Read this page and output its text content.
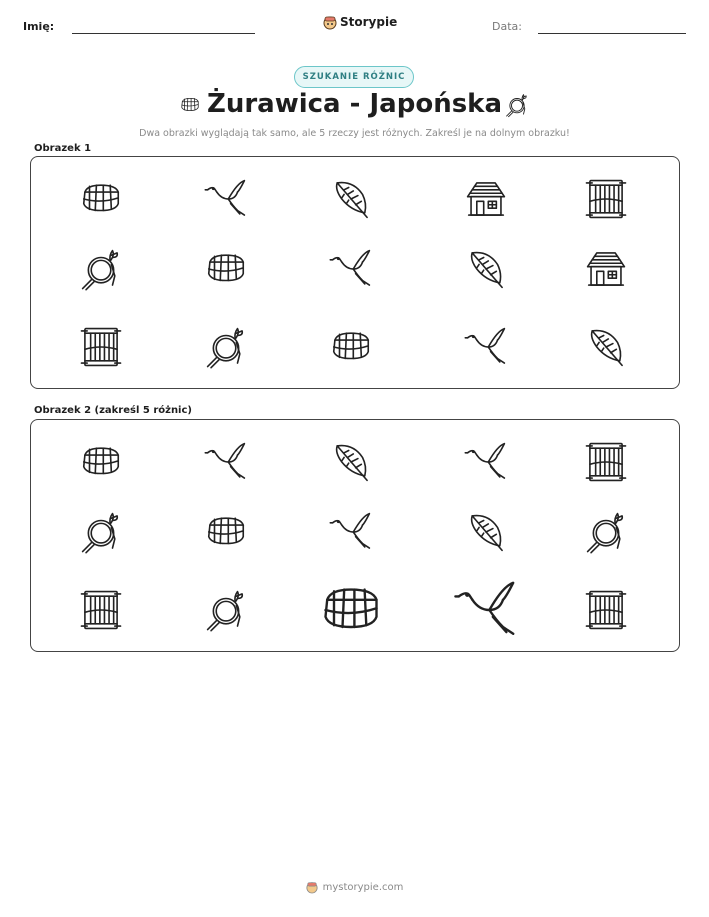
Imię:	Storypie	Data:
SZUKANIE RÓŻNIC
Żurawica - Japońska
Dwa obrazki wyglądają tak samo, ale 5 rzeczy jest różnych. Zakreśl je na dolnym obrazku!
Obrazek 1
Obrazek 2 (zakreśl 5 różnic)
mystorypie.com
